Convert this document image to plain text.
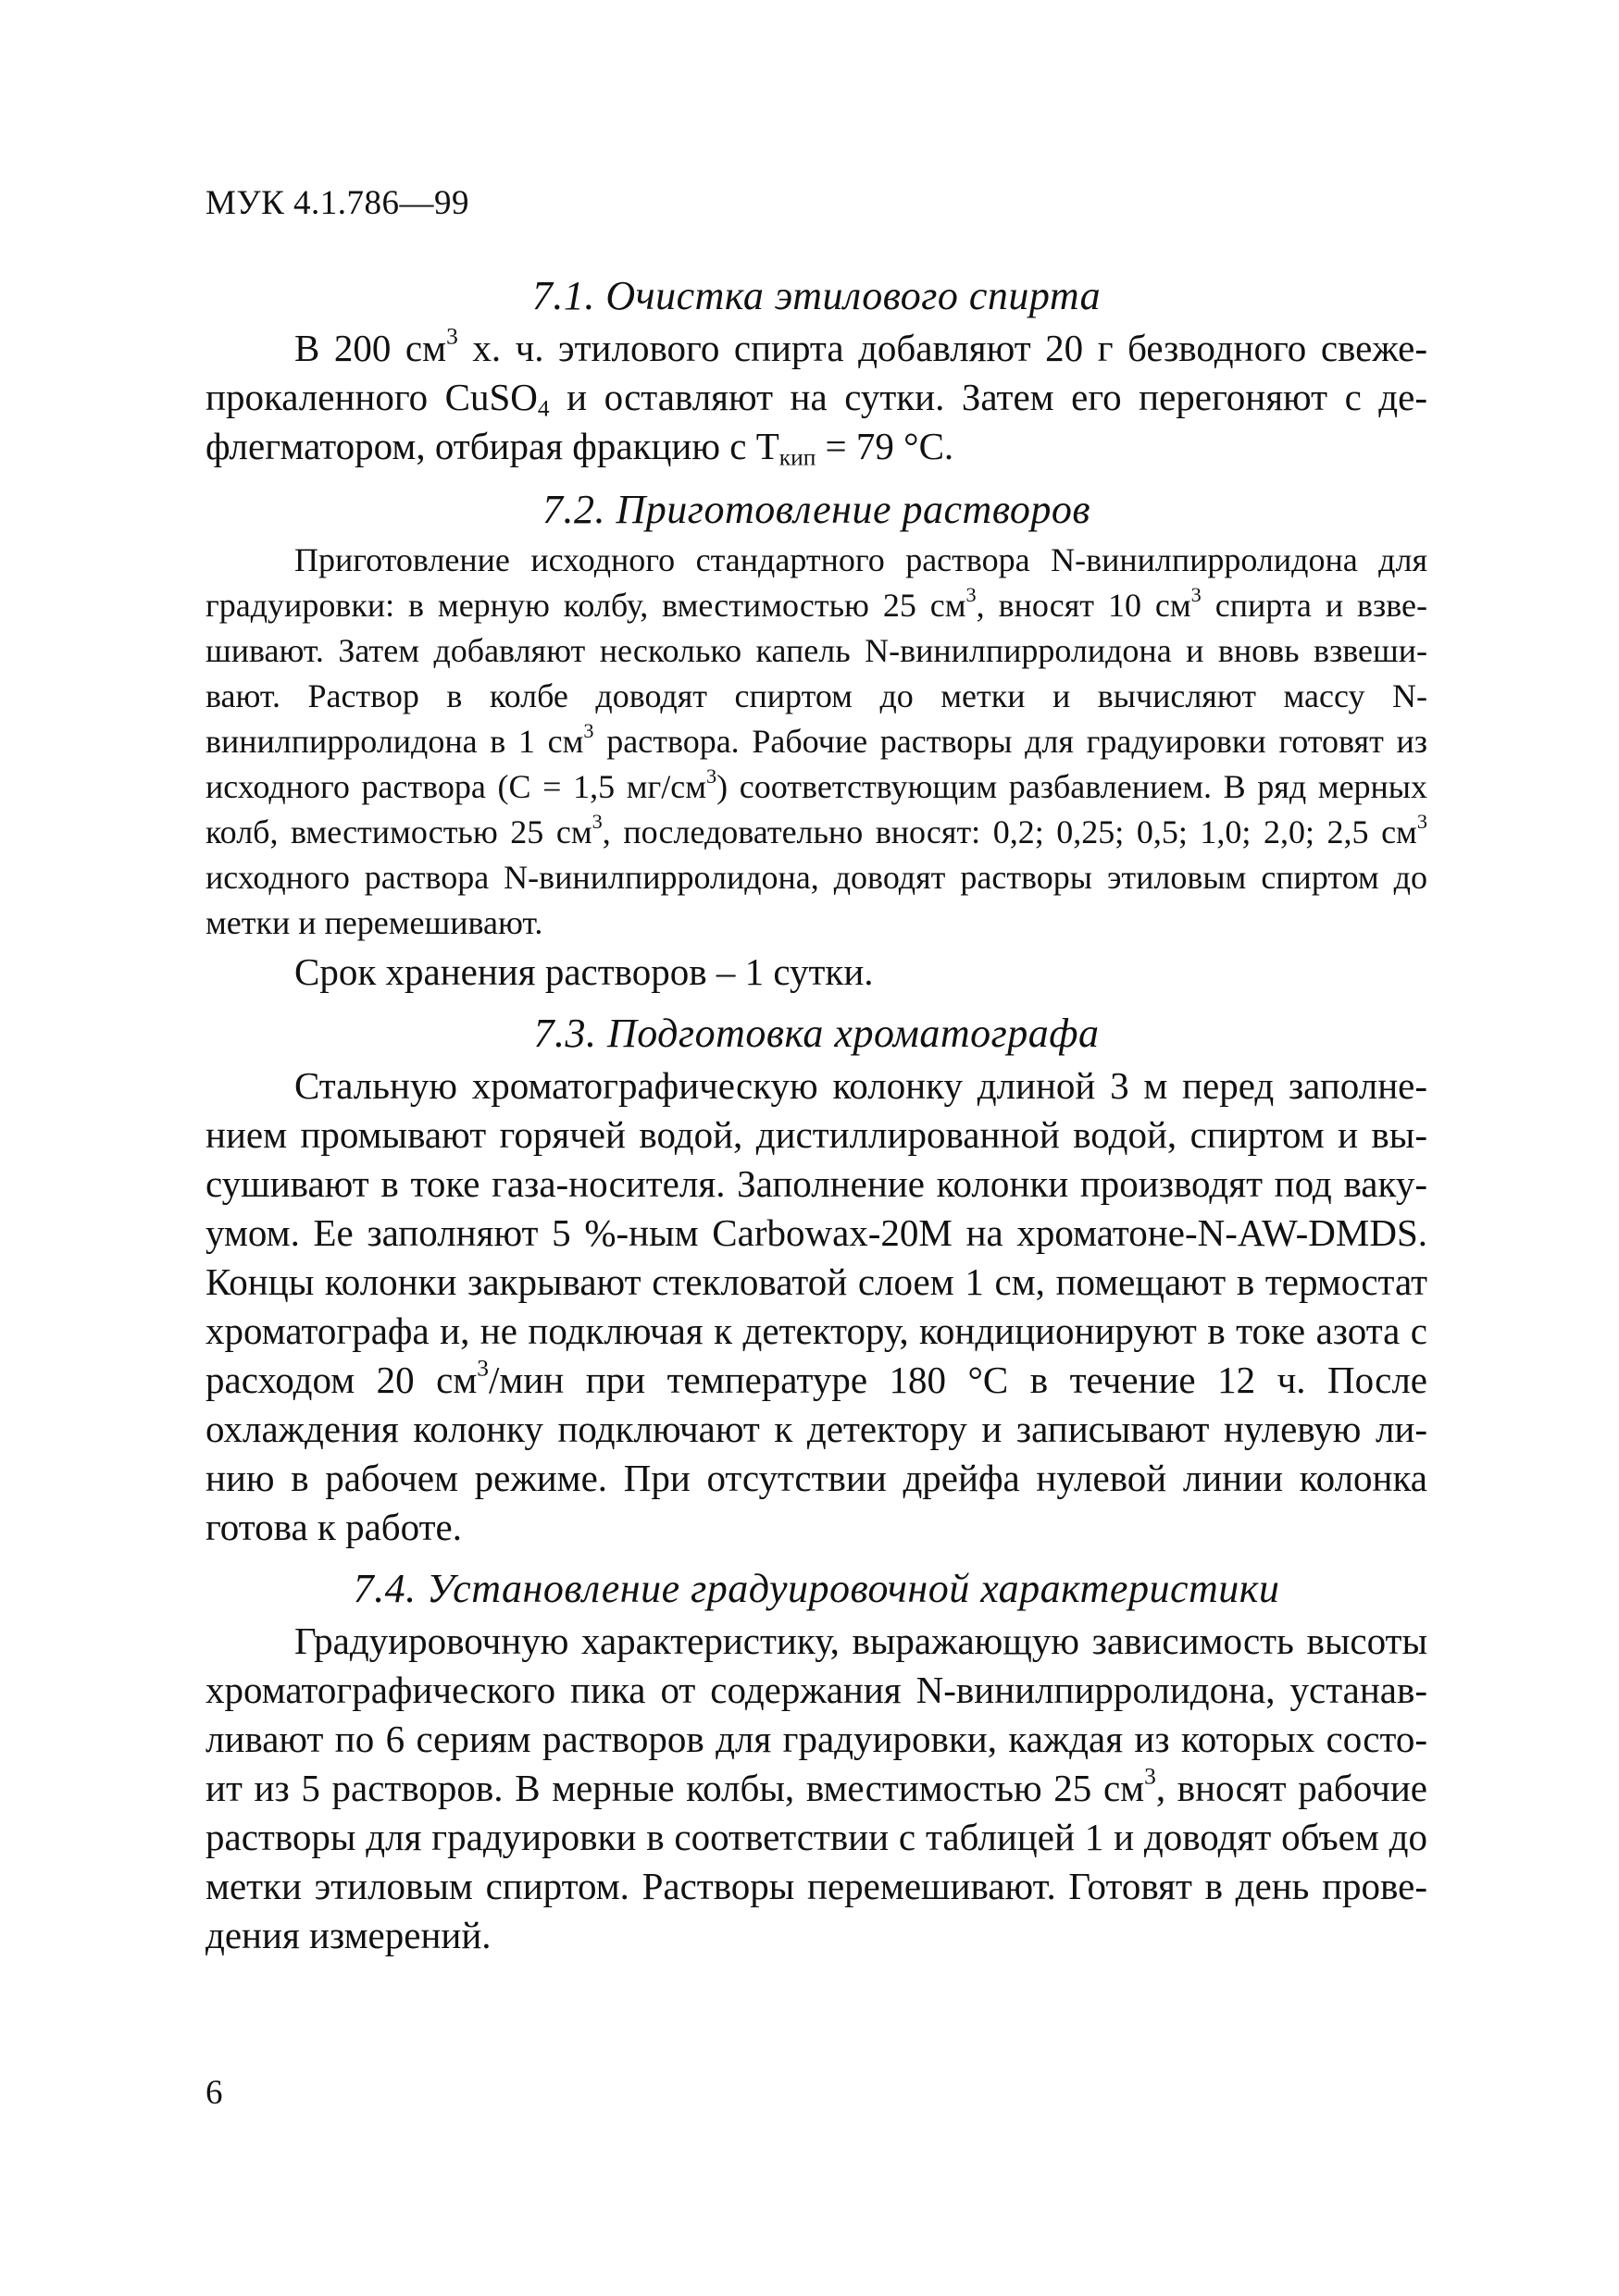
МУК 4.1.786—99
7.1. Очистка этилового спирта

В 200 $см^3$ х. ч. этилового спирта добавляют 20 г безводного свежепрокаленного CuSO$_4$ и оставляют на сутки. Затем его перегоняют с дефлегматором, отбирая фракцию с $Т_{кип} = 79$ °С.

7.2. Приготовление растворов

Приготовление исходного стандартного раствора N-винилпирролидона для градуировки: в мерную колбу, вместимостью 25 $см^3$, вносят 10 $см^3$ спирта и взвешивают. Затем добавляют несколько капель N-винилпирролидона и вновь взвешивают. Раствор в колбе доводят спиртом до метки и вычисляют массу N-винилпирролидона в 1 $см^3$ раствора. Рабочие растворы для градуировки готовят из исходного раствора (С = 1,5 $мг/см^3$) соответствующим разбавлением. В ряд мерных колб, вместимостью 25 $см^3$, последовательно вносят: 0,2; 0,25; 0,5; 1,0; 2,0; 2,5 $см^3$ исходного раствора N-винилпирролидона, доводят растворы этиловым спиртом до метки и перемешивают.

Срок хранения растворов – 1 сутки.

7.3. Подготовка хроматографа

Стальную хроматографическую колонку длиной 3 м перед заполнением промывают горячей водой, дистиллированной водой, спиртом и высушивают в токе газа-носителя. Заполнение колонки производят под вакуумом. Ее заполняют 5 %-ным Carbowax-20M на хроматоне-N-AW-DMDS. Концы колонки закрывают стекловатой слоем 1 см, помещают в термостат хроматографа и, не подключая к детектору, кондиционируют в токе азота с расходом 20 $см^3$/мин при температуре 180 °С в течение 12 ч. После охлаждения колонку подключают к детектору и записывают нулевую линию в рабочем режиме. При отсутствии дрейфа нулевой линии колонка готова к работе.

7.4. Установление градуировочной характеристики

Градуировочную характеристику, выражающую зависимость высоты хроматографического пика от содержания N-винилпирролидона, устанавливают по 6 сериям растворов для градуировки, каждая из которых состоит из 5 растворов. В мерные колбы, вместимостью 25 $см^3$, вносят рабочие растворы для градуировки в соответствии с таблицей 1 и доводят объем до метки этиловым спиртом. Растворы перемешивают. Готовят в день проведения измерений.

6
